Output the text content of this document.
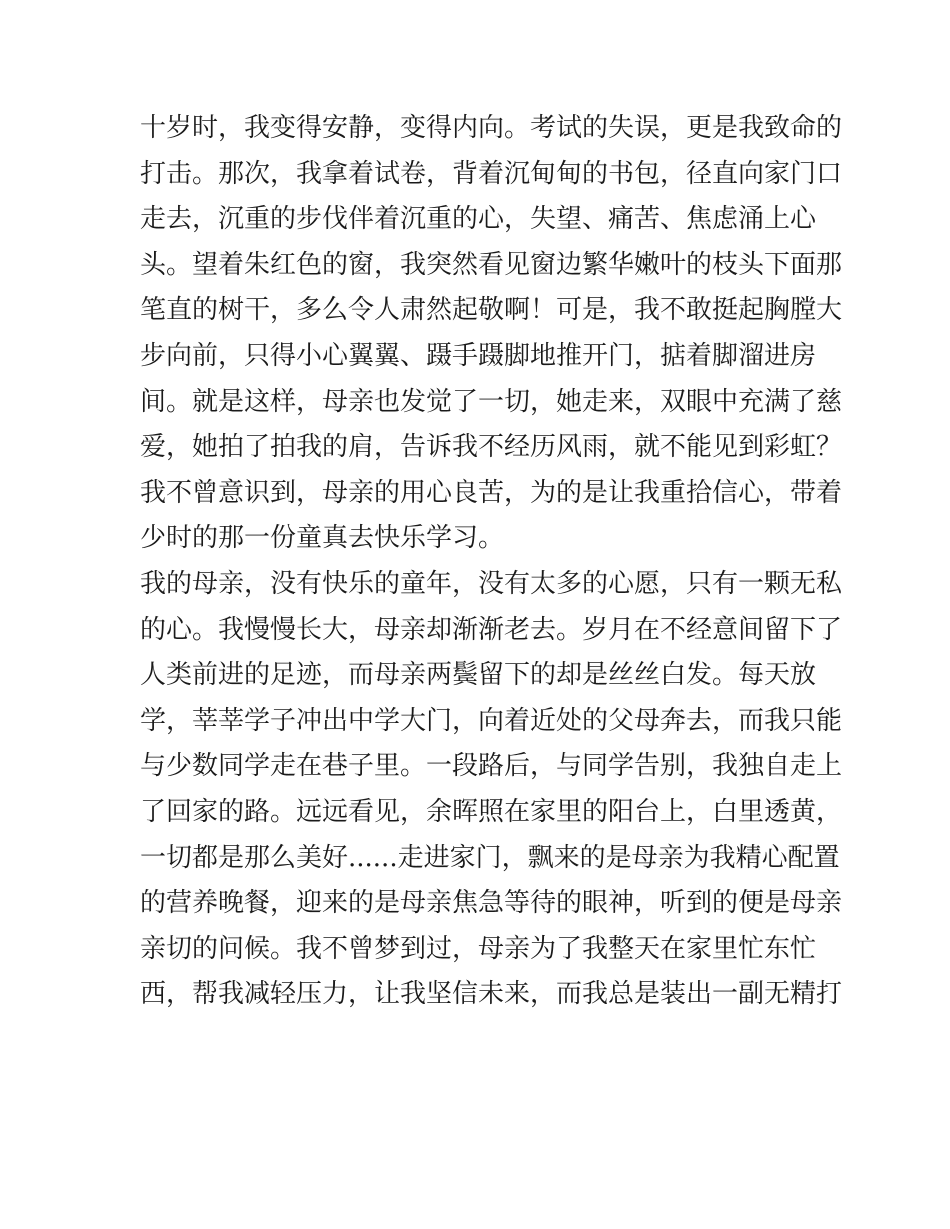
十岁时，我变得安静，变得内向。考试的失误，更是我致命的
打击。那次，我拿着试卷，背着沉甸甸的书包，径直向家门口
走去，沉重的步伐伴着沉重的心，失望、痛苦、焦虑涌上心
头。望着朱红色的窗，我突然看见窗边繁华嫩叶的枝头下面那
笔直的树干，多么令人肃然起敬啊！可是，我不敢挺起胸膛大
步向前，只得小心翼翼、蹑手蹑脚地推开门，掂着脚溜进房
间。就是这样，母亲也发觉了一切，她走来，双眼中充满了慈
爱，她拍了拍我的肩，告诉我不经历风雨，就不能见到彩虹？
我不曾意识到，母亲的用心良苦，为的是让我重拾信心，带着
少时的那一份童真去快乐学习。
我的母亲，没有快乐的童年，没有太多的心愿，只有一颗无私
的心。我慢慢长大，母亲却渐渐老去。岁月在不经意间留下了
人类前进的足迹，而母亲两鬓留下的却是丝丝白发。每天放
学，莘莘学子冲出中学大门，向着近处的父母奔去，而我只能
与少数同学走在巷子里。一段路后，与同学告别，我独自走上
了回家的路。远远看见，余晖照在家里的阳台上，白里透黄，
一切都是那么美好......走进家门，飘来的是母亲为我精心配置
的营养晚餐，迎来的是母亲焦急等待的眼神，听到的便是母亲
亲切的问候。我不曾梦到过，母亲为了我整天在家里忙东忙
西，帮我减轻压力，让我坚信未来，而我总是装出一副无精打
